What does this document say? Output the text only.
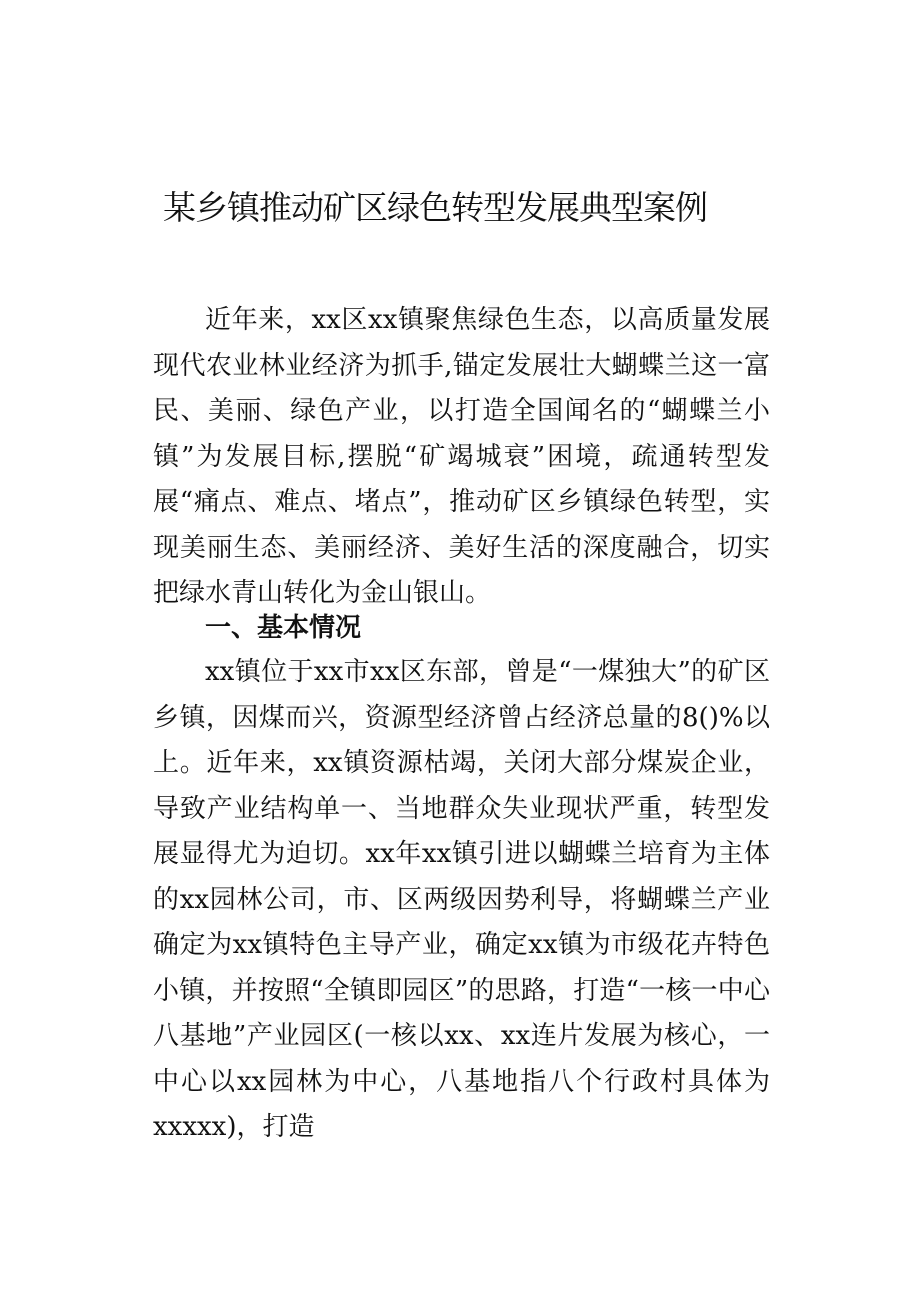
某乡镇推动矿区绿色转型发展典型案例

近年来，xx区xx镇聚焦绿色生态，以高质量发展现代农业林业经济为抓手,锚定发展壮大蝴蝶兰这一富民、美丽、绿色产业，以打造全国闻名的“蝴蝶兰小镇”为发展目标,摆脱“矿竭城衰”困境，疏通转型发展“痛点、难点、堵点”，推动矿区乡镇绿色转型，实现美丽生态、美丽经济、美好生活的深度融合，切实把绿水青山转化为金山银山。

一、基本情况

xx镇位于xx市xx区东部，曾是“一煤独大”的矿区乡镇，因煤而兴，资源型经济曾占经济总量的8()%以上。近年来，xx镇资源枯竭，关闭大部分煤炭企业，导致产业结构单一、当地群众失业现状严重，转型发展显得尤为迫切。xx年xx镇引进以蝴蝶兰培育为主体的xx园林公司，市、区两级因势利导，将蝴蝶兰产业确定为xx镇特色主导产业，确定xx镇为市级花卉特色小镇，并按照“全镇即园区”的思路，打造“一核一中心八基地”产业园区(一核以xx、xx连片发展为核心，一中心以xx园林为中心，八基地指八个行政村具体为xxxxx)，打造
